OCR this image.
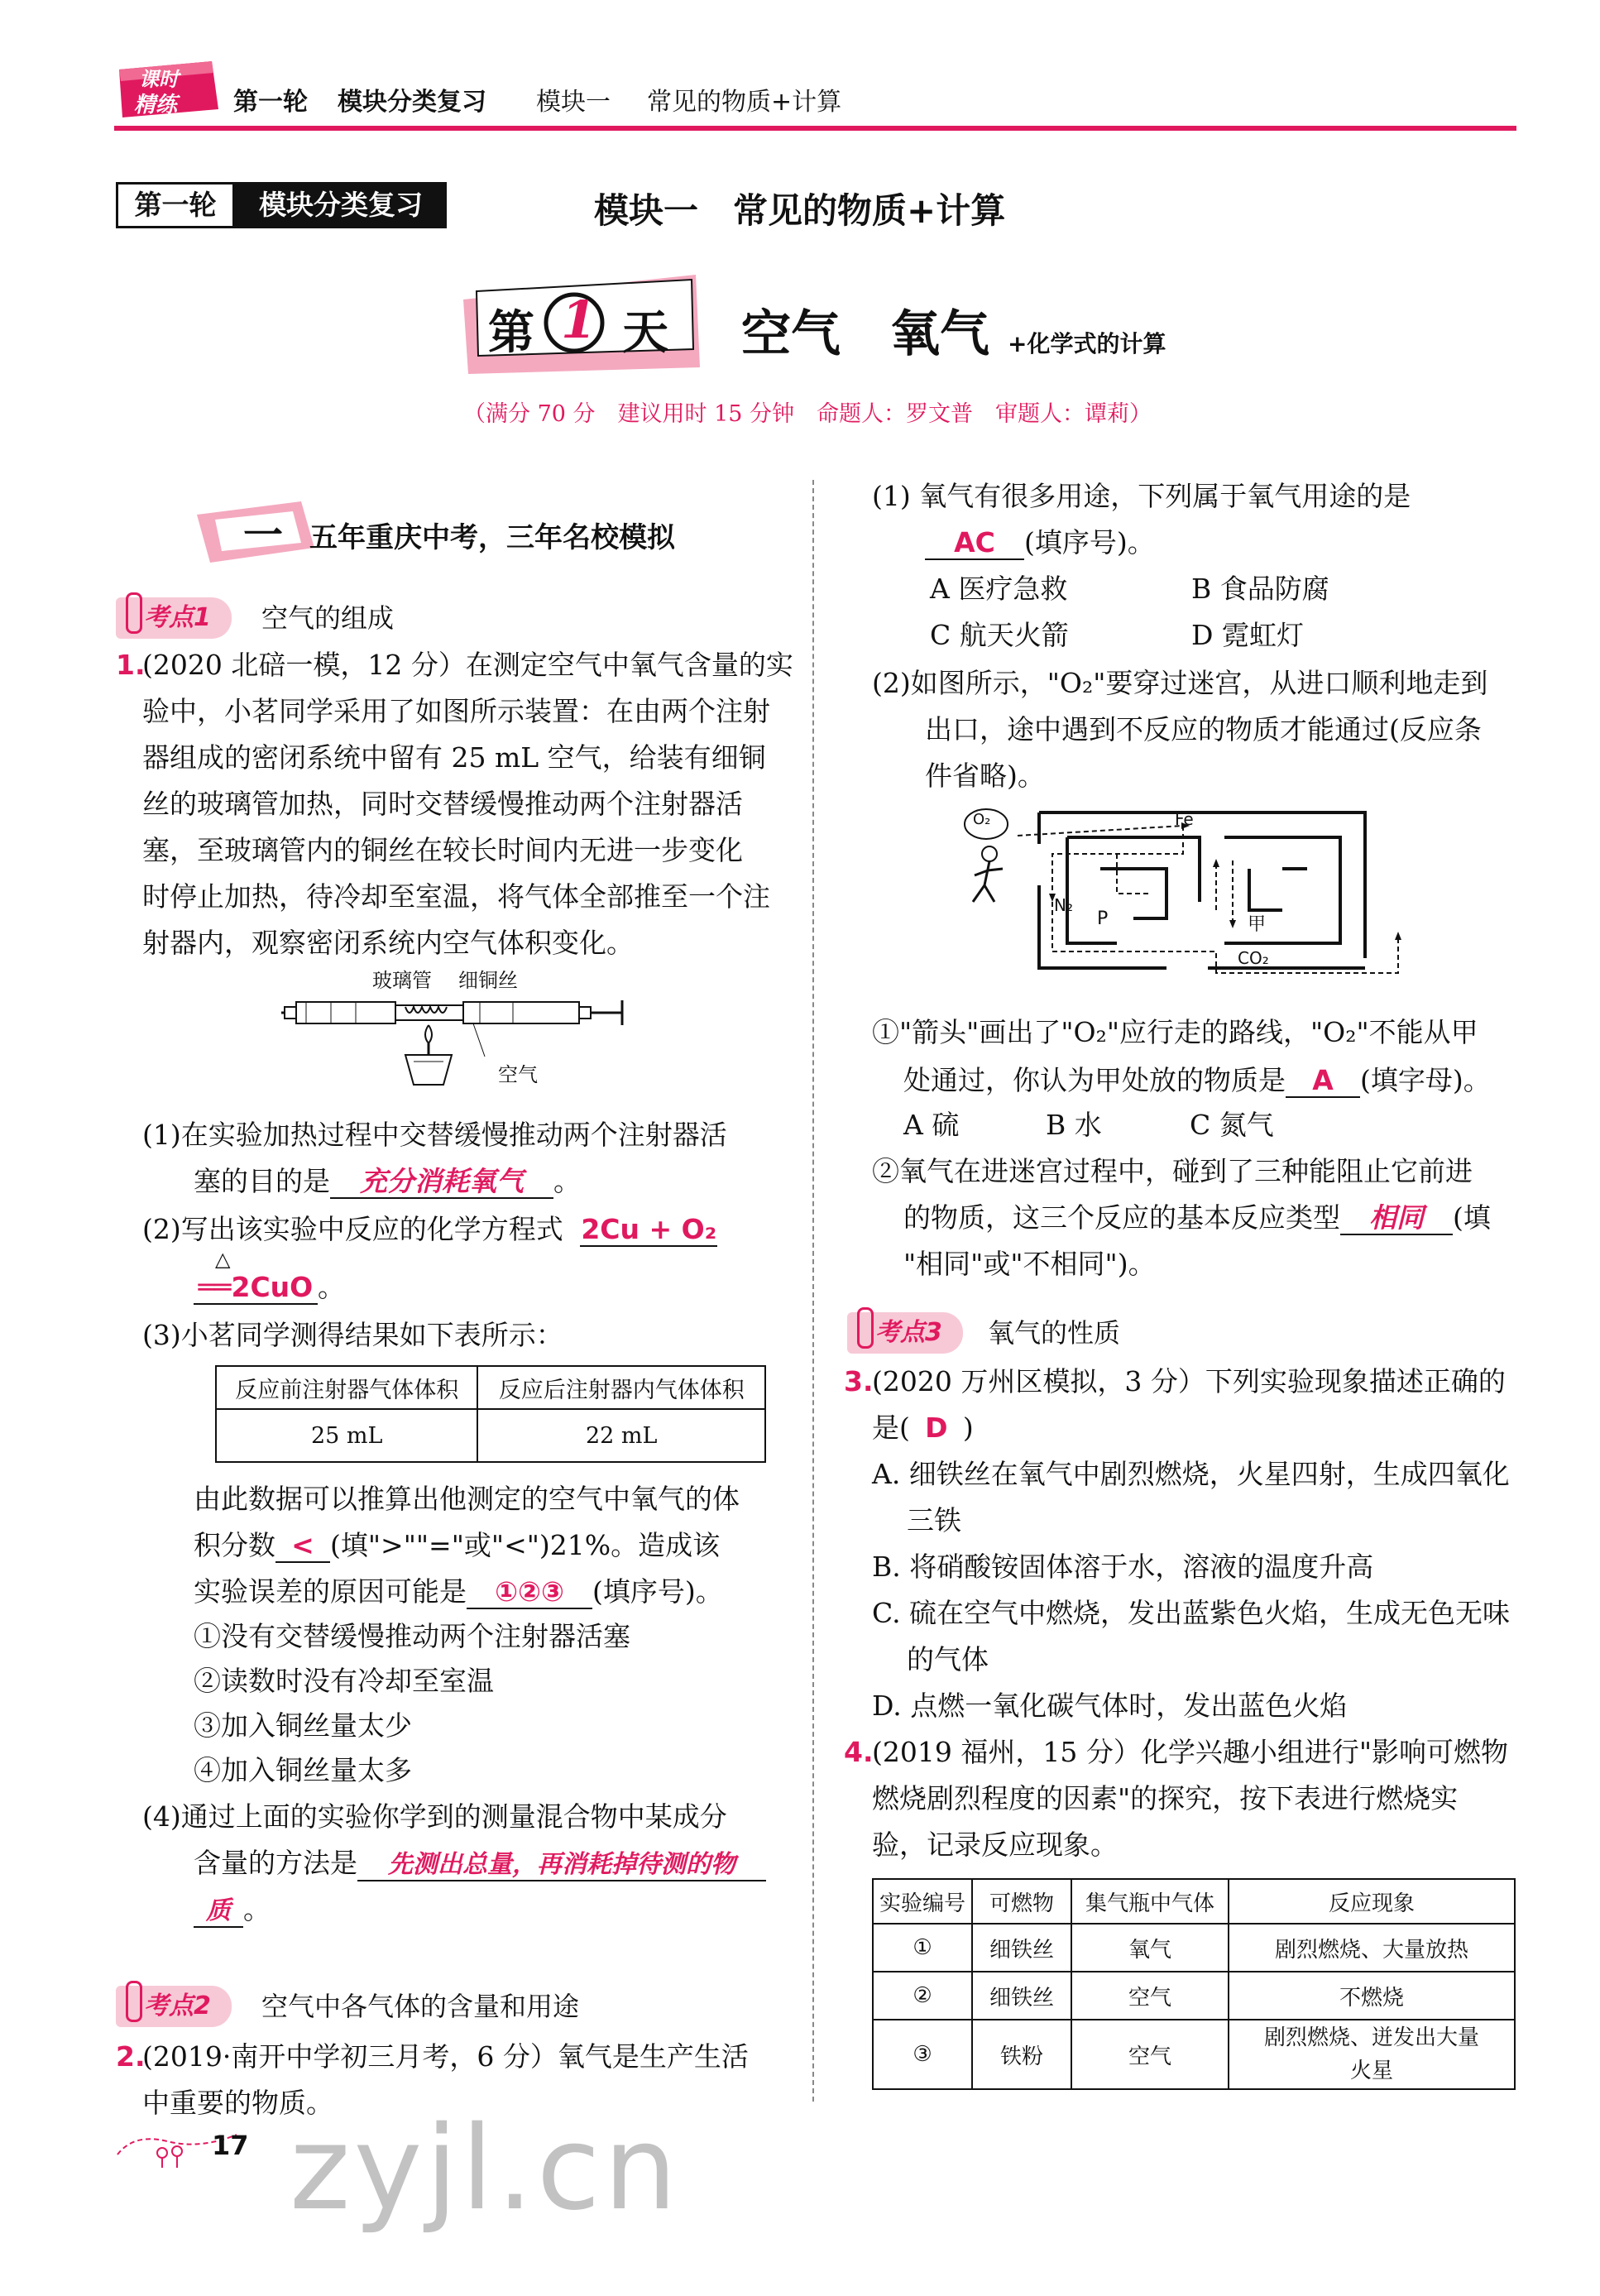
课时
精练 第一轮 模块分类复习 模块一 常见的物质+计算
第一轮	模块分类复习	模块一　常见的物质+计算
第 1 天 空气　氧气 +化学式的计算
（满分 70 分　建议用时 15 分钟　命题人：罗文普　审题人：谭莉）
一 五年重庆中考，三年名校模拟
考点1	空气的组成
1.
(2020 北碚一模，12 分）在测定空气中氧气含量的实
验中，小茗同学采用了如图所示装置：在由两个注射
器组成的密闭系统中留有 25 mL 空气，给装有细铜
丝的玻璃管加热，同时交替缓慢推动两个注射器活
塞，至玻璃管内的铜丝在较长时间内无进一步变化
时停止加热，待冷却至室温，将气体全部推至一个注
射器内，观察密闭系统内空气体积变化。
玻璃管 细铜丝
空气
(1)在实验加热过程中交替缓慢推动两个注射器活
塞的目的是 充分消耗氧气 。
(2)写出该实验中反应的化学方程式 2Cu + O₂
△
══2CuO 。
(3)小茗同学测得结果如下表所示：
反应前注射器气体体积	反应后注射器内气体体积
25 mL	22 mL
由此数据可以推算出他测定的空气中氧气的体
积分数 < (填">""="或"<")21%。造成该
实验误差的原因可能是 ①②③ (填序号)。
①没有交替缓慢推动两个注射器活塞
②读数时没有冷却至室温
③加入铜丝量太少
④加入铜丝量太多
(4)通过上面的实验你学到的测量混合物中某成分
含量的方法是 先测出总量，再消耗掉待测的物
质 。
考点2	空气中各气体的含量和用途
2.
(2019·南开中学初三月考，6 分）氧气是生产生活
中重要的物质。
17 zyjl.cn
(1) 氧气有很多用途，下列属于氧气用途的是
AC (填序号)。
A 医疗急救	B 食品防腐
C 航天火箭	D 霓虹灯
(2)如图所示，"O₂"要穿过迷宫，从进口顺利地走到
出口，途中遇到不反应的物质才能通过(反应条
件省略)。
O₂	Fe
N₂
P	甲
CO₂
①"箭头"画出了"O₂"应行走的路线，"O₂"不能从甲
处通过，你认为甲处放的物质是 A (填字母)。
A 硫	B 水	C 氮气
②氧气在进迷宫过程中，碰到了三种能阻止它前进
的物质，这三个反应的基本反应类型 相同 (填
"相同"或"不相同")。
考点3	氧气的性质
3.
(2020 万州区模拟，3 分）下列实验现象描述正确的
是( D )
A. 细铁丝在氧气中剧烈燃烧，火星四射，生成四氧化
三铁
B. 将硝酸铵固体溶于水，溶液的温度升高
C. 硫在空气中燃烧，发出蓝紫色火焰，生成无色无味
的气体
D. 点燃一氧化碳气体时，发出蓝色火焰
4.
(2019 福州，15 分）化学兴趣小组进行"影响可燃物
燃烧剧烈程度的因素"的探究，按下表进行燃烧实
验，记录反应现象。
实验编号	可燃物	集气瓶中气体	反应现象
①	细铁丝	氧气	剧烈燃烧、大量放热
②	细铁丝	空气	不燃烧
③	铁粉	空气	剧烈燃烧、迸发出大量火星
